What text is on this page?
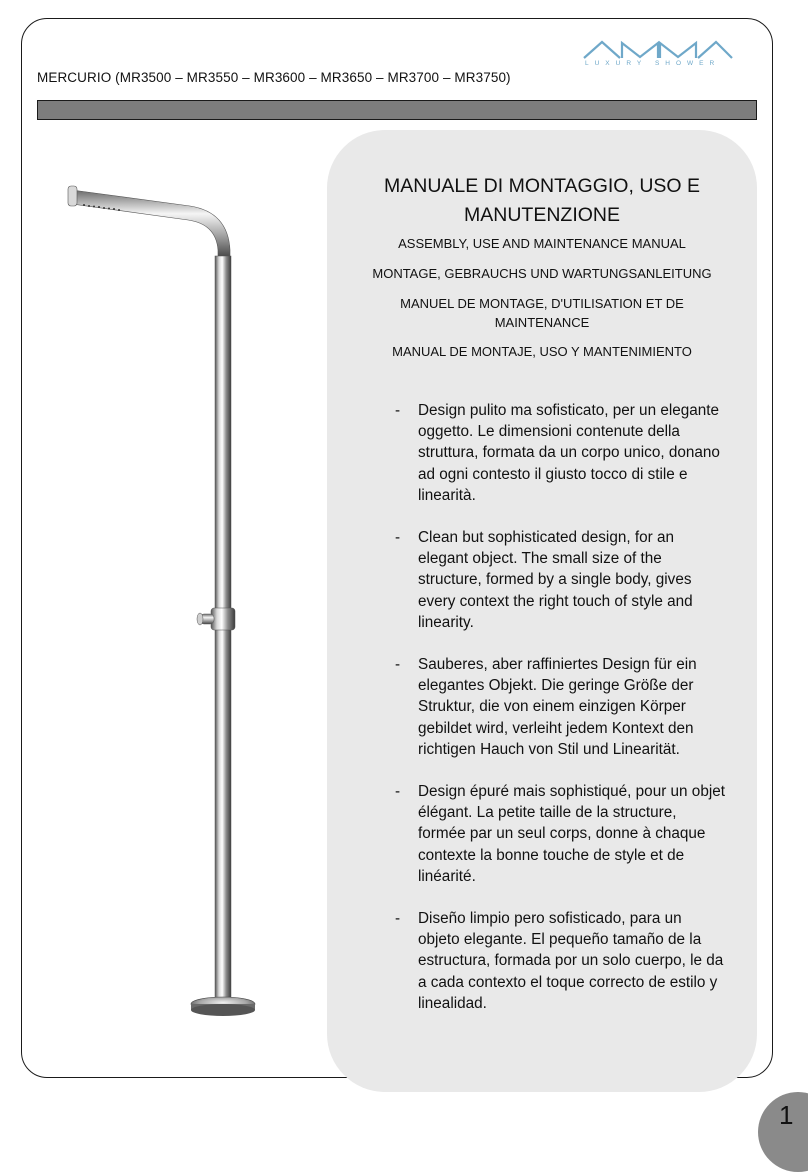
MERCURIO (MR3500 – MR3550 – MR3600 – MR3650 – MR3700 – MR3750)
LUXURY SHOWER
MANUALE DI MONTAGGIO, USO E MANUTENZIONE
ASSEMBLY, USE AND MAINTENANCE MANUAL
MONTAGE, GEBRAUCHS UND WARTUNGSANLEITUNG
MANUEL DE MONTAGE, D'UTILISATION ET DE MAINTENANCE
MANUAL DE MONTAJE, USO Y MANTENIMIENTO
- Design pulito ma sofisticato, per un elegante oggetto. Le dimensioni contenute della struttura, formata da un corpo unico, donano ad ogni contesto il giusto tocco di stile e linearità.
- Clean but sophisticated design, for an elegant object. The small size of the structure, formed by a single body, gives every context the right touch of style and linearity.
- Sauberes, aber raffiniertes Design für ein elegantes Objekt. Die geringe Größe der Struktur, die von einem einzigen Körper gebildet wird, verleiht jedem Kontext den richtigen Hauch von Stil und Linearität.
- Design épuré mais sophistiqué, pour un objet élégant. La petite taille de la structure, formée par un seul corps, donne à chaque contexte la bonne touche de style et de linéarité.
- Diseño limpio pero sofisticado, para un objeto elegante. El pequeño tamaño de la estructura, formada por un solo cuerpo, le da a cada contexto el toque correcto de estilo y linealidad.
1
